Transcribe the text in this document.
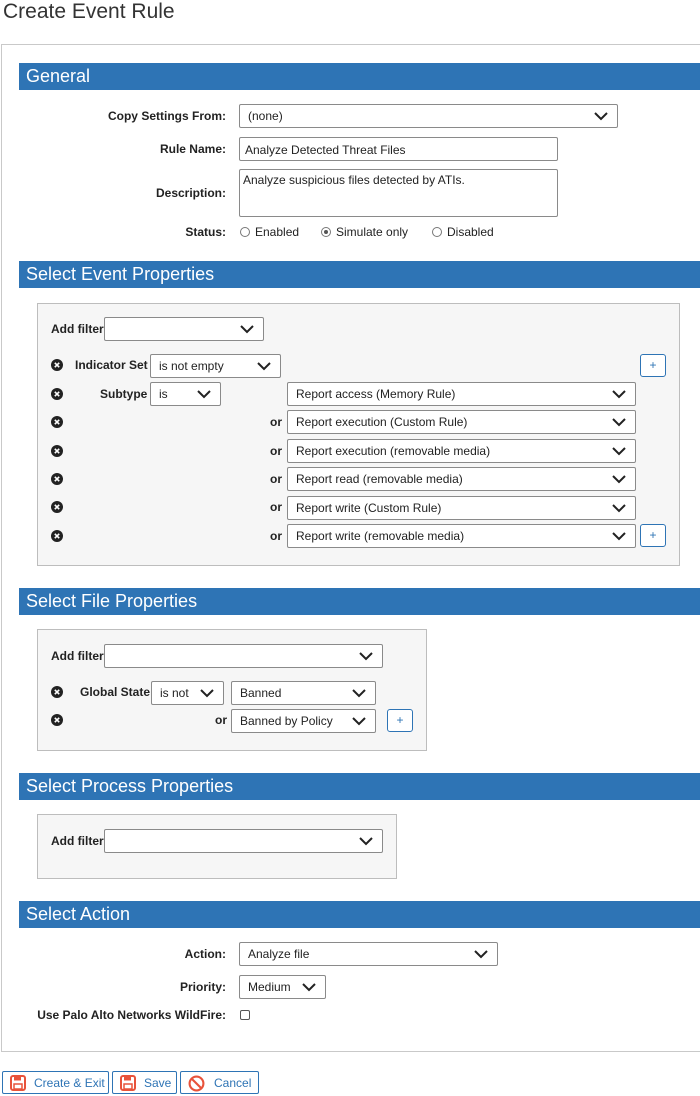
Create Event Rule
General
Copy Settings From:	(none)
Rule Name:	Analyze Detected Threat Files
Description:
Analyze suspicious files detected by ATIs.
Status: Enabled	Simulate only	Disabled
Select Event Properties
Add filter
Indicator Set is not empty	+
Subtype is	Report access (Memory Rule)
or	Report execution (Custom Rule)
or	Report execution (removable media)
or	Report read (removable media)
or	Report write (Custom Rule)
or	Report write (removable media)	+
Select File Properties
Add filter
Global State is not	Banned
or	Banned by Policy	+
Select Process Properties
Add filter
Select Action
Action:	Analyze file
Priority:	Medium
Use Palo Alto Networks WildFire:
Create & Exit	Save	Cancel
